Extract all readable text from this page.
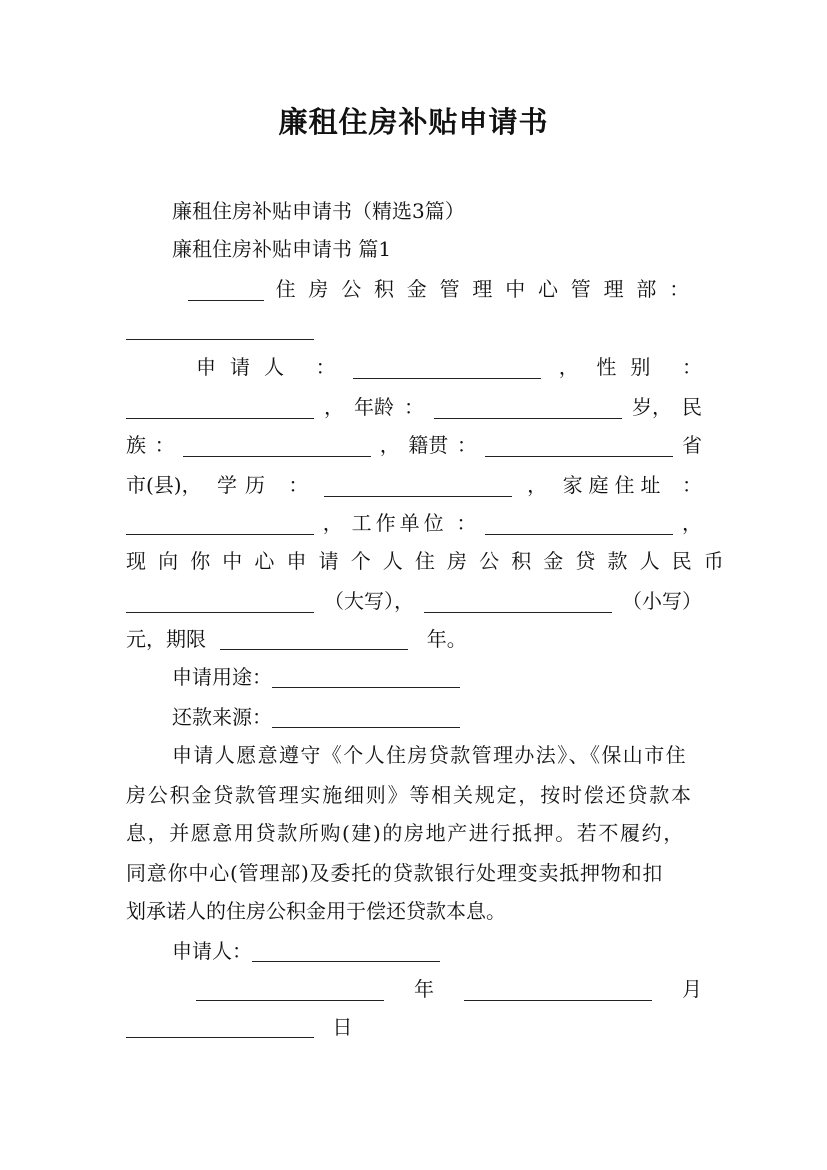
廉租住房补贴申请书
廉租住房补贴申请书（精选3篇）
廉租住房补贴申请书 篇1
住房公积金管理中心管理部：
申请人 ：	， 性别 ：
， 年龄 ：	岁， 民
族 ：	， 籍贯 ：	省
市(县)， 学历 ：	， 家庭住址 ：
， 工作单位 ：	，
现向你中心申请个人住房公积金贷款人民币
（大写），	（小写）
元，期限	年。
申请用途：
还款来源：
申请人愿意遵守《个人住房贷款管理办法》、《保山市住
房公积金贷款管理实施细则》等相关规定，按时偿还贷款本
息，并愿意用贷款所购(建)的房地产进行抵押。若不履约，
同意你中心(管理部)及委托的贷款银行处理变卖抵押物和扣
划承诺人的住房公积金用于偿还贷款本息。
申请人：
年	月
日
